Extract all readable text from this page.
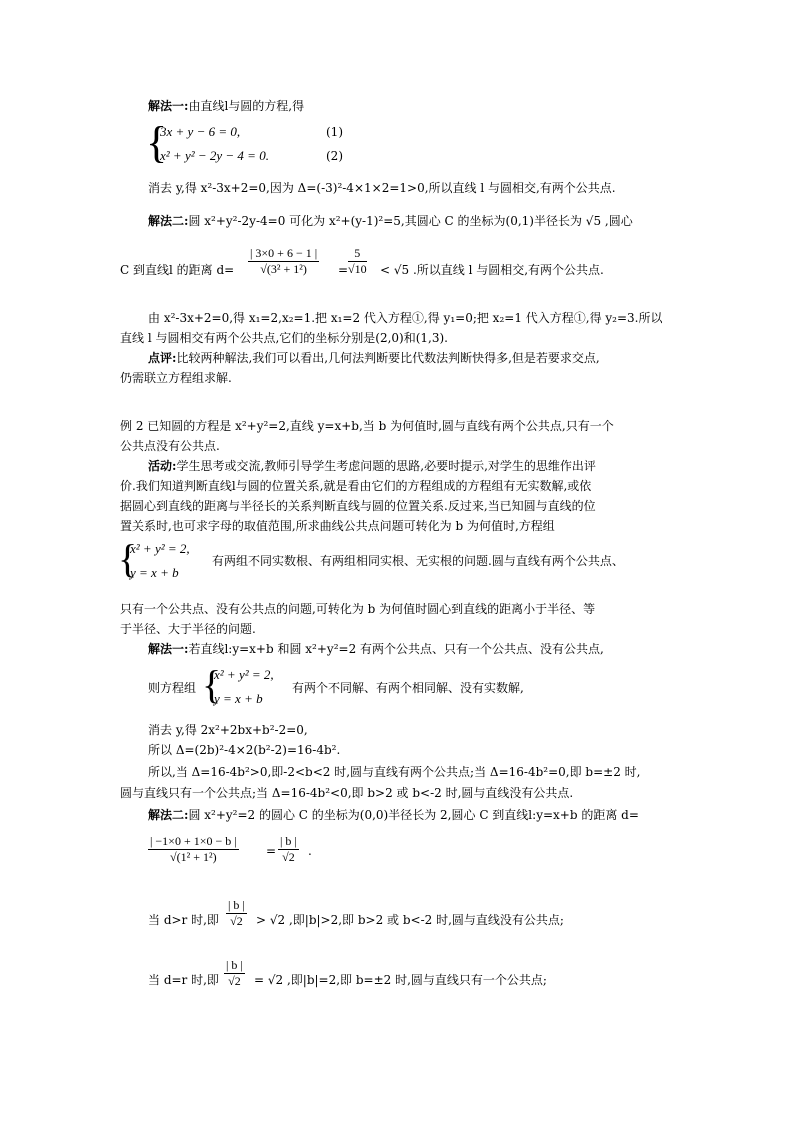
解法一:由直线l与圆的方程,得
{
3x + y − 6 = 0,	(1)
x² + y² − 2y − 4 = 0.	(2)
消去 y,得 x²-3x+2=0,因为 Δ=(-3)²-4×1×2=1>0,所以直线 l 与圆相交,有两个公共点.
解法二:圆 x²+y²-2y-4=0 可化为 x²+(y-1)²=5,其圆心 C 的坐标为(0,1)半径长为 √5 ,圆心
C 到直线l 的距离 $d= \frac{| 3\times 0 + 6 - 1 |}{\text{√(3² + 1²)}} = \frac{5}{√10} < √5$ .所以直线 l 与圆相交,有两个公共点.
由 x²-3x+2=0,得 x₁=2,x₂=1.把 x₁=2 代入方程①,得 y₁=0;把 x₂=1 代入方程①,得 y₂=3.所以
直线 l 与圆相交有两个公共点,它们的坐标分别是(2,0)和(1,3).
点评:比较两种解法,我们可以看出,几何法判断要比代数法判断快得多,但是若要求交点,
仍需联立方程组求解.
例 2 已知圆的方程是 x²+y²=2,直线 y=x+b,当 b 为何值时,圆与直线有两个公共点,只有一个
公共点没有公共点.
活动:学生思考或交流,教师引导学生考虑问题的思路,必要时提示,对学生的思维作出评
价.我们知道判断直线l与圆的位置关系,就是看由它们的方程组成的方程组有无实数解,或依
据圆心到直线的距离与半径长的关系判断直线与圆的位置关系.反过来,当已知圆与直线的位
置关系时,也可求字母的取值范围,所求曲线公共点问题可转化为 b 为何值时,方程组
{
x² + y² = 2,
y = x + b
有两组不同实数根、有两组相同实根、无实根的问题.圆与直线有两个公共点、
只有一个公共点、没有公共点的问题,可转化为 b 为何值时圆心到直线的距离小于半径、等
于半径、大于半径的问题.
解法一:若直线l:y=x+b 和圆 x²+y²=2 有两个公共点、只有一个公共点、没有公共点,
则方程组 {
x² + y² = 2,
y = x + b
有两个不同解、有两个相同解、没有实数解,
消去 y,得 2x²+2bx+b²-2=0,
所以 Δ=(2b)²-4×2(b²-2)=16-4b².
所以,当 Δ=16-4b²>0,即-2<b<2 时,圆与直线有两个公共点;当 Δ=16-4b²=0,即 b=±2 时,
圆与直线只有一个公共点;当 Δ=16-4b²<0,即 b>2 或 b<-2 时,圆与直线没有公共点.
解法二:圆 x²+y²=2 的圆心 C 的坐标为(0,0)半径长为 2,圆心 C 到直线l:y=x+b 的距离 d=
$\frac{| -1\times 0 + 1\times 0 - b |}{\text{√(1² + 1²)}} = \frac{| b |}{√2}$ .
当 d>r 时,即 $\frac{| b |}{√2} > √2$ ,即|b|>2,即 b>2 或 b<-2 时,圆与直线没有公共点;
当 d=r 时,即 $\frac{| b |}{√2} = √2$ ,即|b|=2,即 b=±2 时,圆与直线只有一个公共点;
